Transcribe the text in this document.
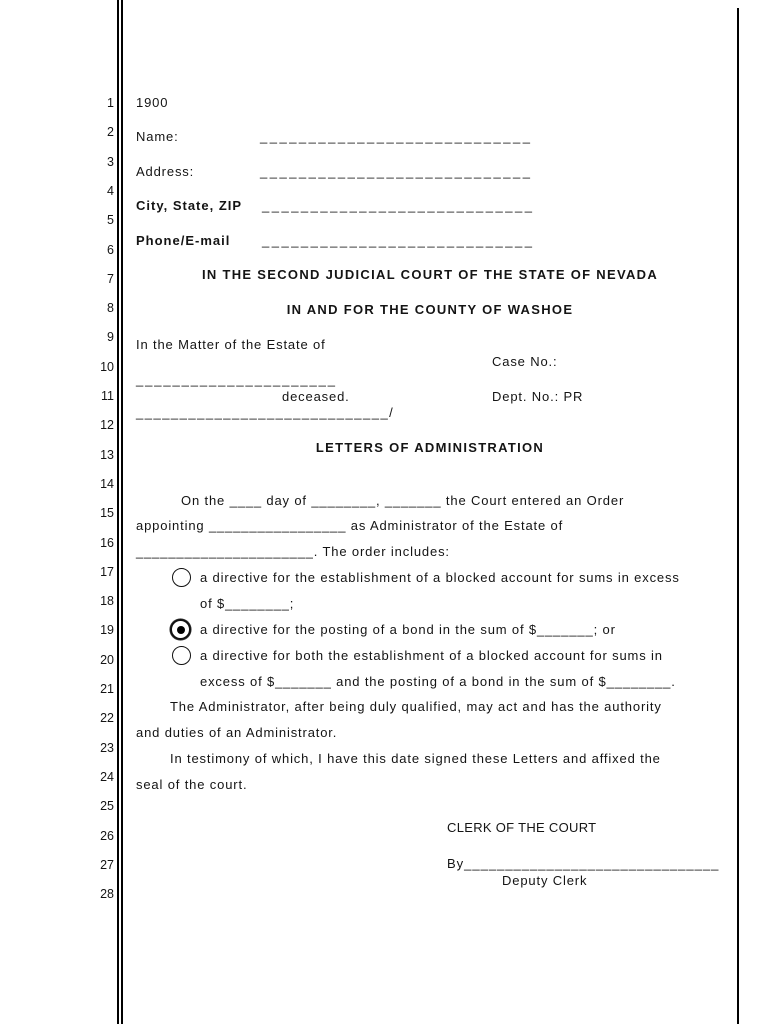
1
2
3
4
5
6
7
8
9
10
11
12
13
14
15
16
17
18
19
20
21
22
23
24
25
26
27
28
1900
Name:	____________________________
Address:	____________________________
City, State, ZIP ____________________________
Phone/E-mail ____________________________
IN THE SECOND JUDICIAL COURT OF THE STATE OF NEVADA
IN AND FOR THE COUNTY OF WASHOE
In the Matter of the Estate of
Case No.:
______________________
deceased.	Dept. No.: PR
_____________________________/
LETTERS OF ADMINISTRATION
On the ____ day of ________, _______ the Court entered an Order
appointing _________________ as Administrator of the Estate of
______________________. The order includes:
a directive for the establishment of a blocked account for sums in excess
of $________;
a directive for the posting of a bond in the sum of $_______; or
a directive for both the establishment of a blocked account for sums in
excess of $_______ and the posting of a bond in the sum of $________.
The Administrator, after being duly qualified, may act and has the authority
and duties of an Administrator.
In testimony of which, I have this date signed these Letters and affixed the
seal of the court.
CLERK OF THE COURT
By_______________________________
Deputy Clerk
